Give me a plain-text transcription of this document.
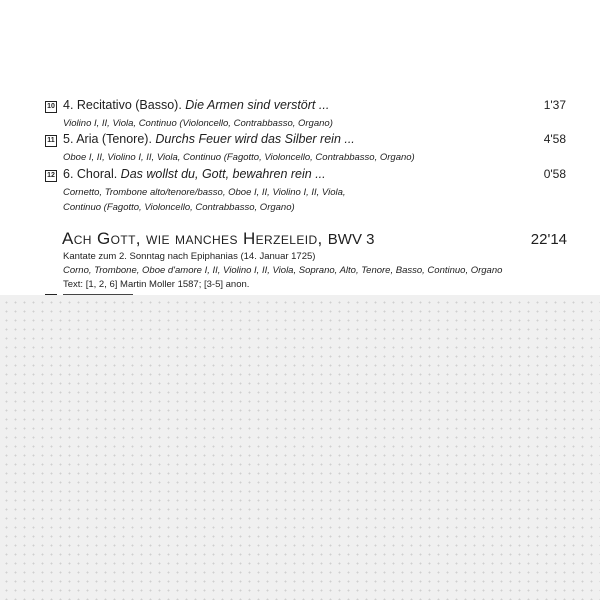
10 4. Recitativo (Basso). Die Armen sind verstört ...	1'37
Violino I, II, Viola, Continuo (Violoncello, Contrabbasso, Organo)
11 5. Aria (Tenore). Durchs Feuer wird das Silber rein ...	4'58
Oboe I, II, Violino I, II, Viola, Continuo (Fagotto, Violoncello, Contrabbasso, Organo)
12 6. Choral. Das wollst du, Gott, bewahren rein ...	0'58
Cornetto, Trombone alto/tenore/basso, Oboe I, II, Violino I, II, Viola, Continuo (Fagotto, Violoncello, Contrabbasso, Organo)
Ach Gott, wie manches Herzeleid, BWV 3	22'14
Kantate zum 2. Sonntag nach Epiphanias (14. Januar 1725)
Corno, Trombone, Oboe d'amore I, II, Violino I, II, Viola, Soprano, Alto, Tenore, Basso, Continuo, Organo
Text: [1, 2, 6] Martin Moller 1587; [3-5] anon.
